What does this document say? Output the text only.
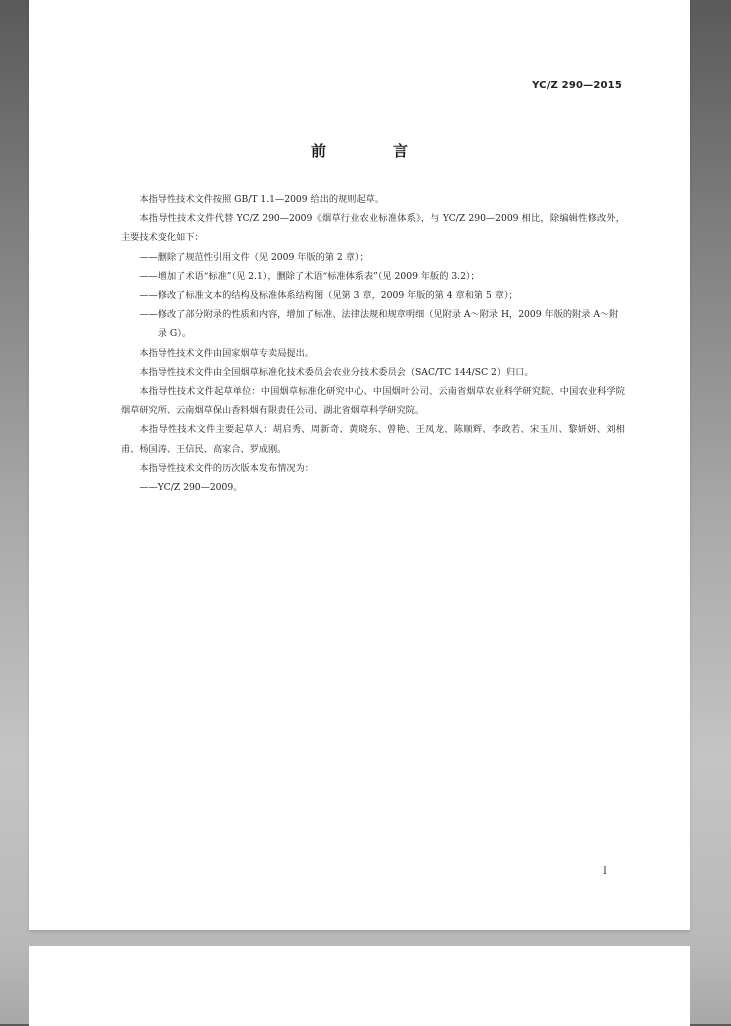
YC/Z 290—2015
前　言

本指导性技术文件按照 GB/T 1.1—2009 给出的规则起草。

本指导性技术文件代替 YC/Z 290—2009《烟草行业农业标准体系》，与 YC/Z 290—2009 相比，除编辑性修改外，主要技术变化如下：

——删除了规范性引用文件（见 2009 年版的第 2 章）；

——增加了术语“标准”（见 2.1），删除了术语“标准体系表”（见 2009 年版的 3.2）；

——修改了标准文本的结构及标准体系结构图（见第 3 章，2009 年版的第 4 章和第 5 章）；

——修改了部分附录的性质和内容，增加了标准、法律法规和规章明细（见附录 A～附录 H，2009 年版的附录 A～附录 G）。

本指导性技术文件由国家烟草专卖局提出。

本指导性技术文件由全国烟草标准化技术委员会农业分技术委员会（SAC/TC 144/SC 2）归口。

本指导性技术文件起草单位：中国烟草标准化研究中心、中国烟叶公司、云南省烟草农业科学研究院、中国农业科学院烟草研究所、云南烟草保山香料烟有限责任公司、湖北省烟草科学研究院。

本指导性技术文件主要起草人：胡启秀、周新奇、黄晓东、曾艳、王凤龙、陈顺辉、李政若、宋玉川、黎妍妍、刘相甫、杨国涛、王信民、高家合、罗成刚。

本指导性技术文件的历次版本发布情况为：

——YC/Z 290—2009。

I
